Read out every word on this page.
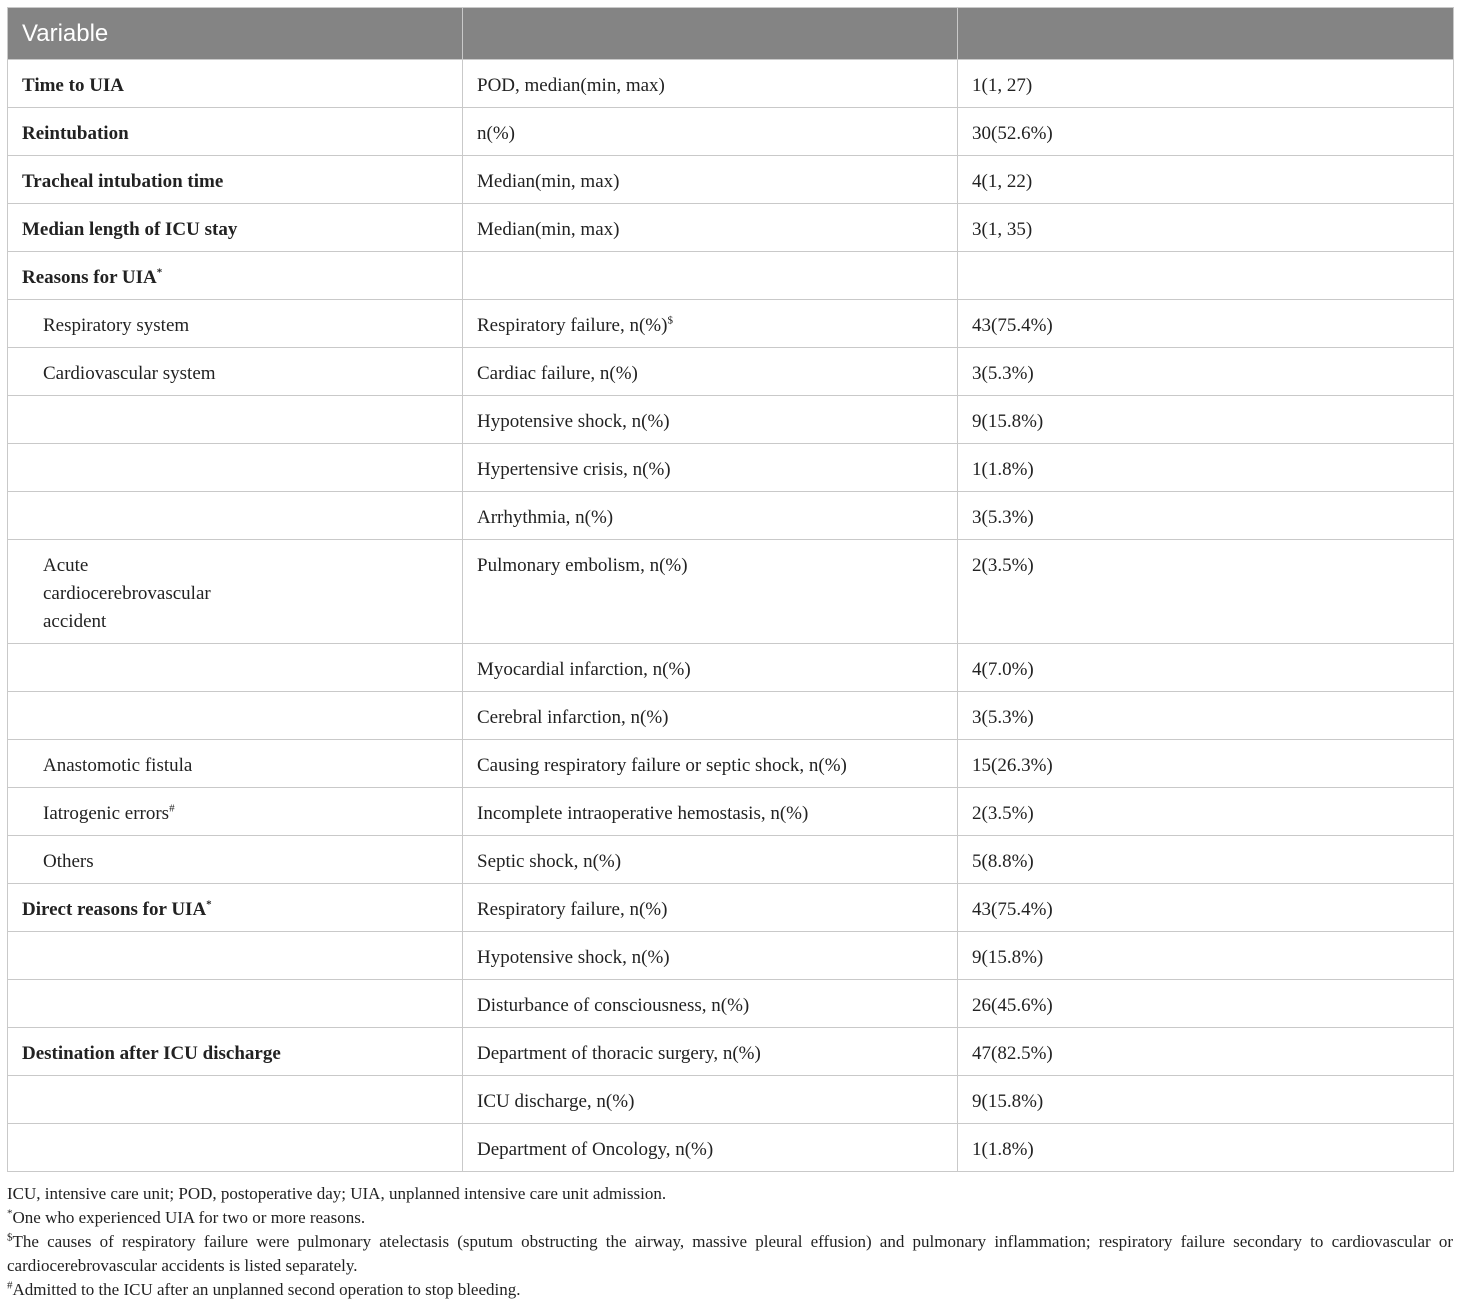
Variable		
Time to UIA	POD, median(min, max)	1(1, 27)
Reintubation	n(%)	30(52.6%)
Tracheal intubation time	Median(min, max)	4(1, 22)
Median length of ICU stay	Median(min, max)	3(1, 35)
Reasons for UIA*		
Respiratory system	Respiratory failure, n(%)$	43(75.4%)
Cardiovascular system	Cardiac failure, n(%)	3(5.3%)
	Hypotensive shock, n(%)	9(15.8%)
	Hypertensive crisis, n(%)	1(1.8%)
	Arrhythmia, n(%)	3(5.3%)
Acute cardiocerebrovascular accident	Pulmonary embolism, n(%)	2(3.5%)
	Myocardial infarction, n(%)	4(7.0%)
	Cerebral infarction, n(%)	3(5.3%)
Anastomotic fistula	Causing respiratory failure or septic shock, n(%)	15(26.3%)
Iatrogenic errors#	Incomplete intraoperative hemostasis, n(%)	2(3.5%)
Others	Septic shock, n(%)	5(8.8%)
Direct reasons for UIA*	Respiratory failure, n(%)	43(75.4%)
	Hypotensive shock, n(%)	9(15.8%)
	Disturbance of consciousness, n(%)	26(45.6%)
Destination after ICU discharge	Department of thoracic surgery, n(%)	47(82.5%)
	ICU discharge, n(%)	9(15.8%)
	Department of Oncology, n(%)	1(1.8%)

ICU, intensive care unit; POD, postoperative day; UIA, unplanned intensive care unit admission.

*One who experienced UIA for two or more reasons.

$The causes of respiratory failure were pulmonary atelectasis (sputum obstructing the airway, massive pleural effusion) and pulmonary inflammation; respiratory failure secondary to cardiovascular or cardiocerebrovascular accidents is listed separately.

#Admitted to the ICU after an unplanned second operation to stop bleeding.
